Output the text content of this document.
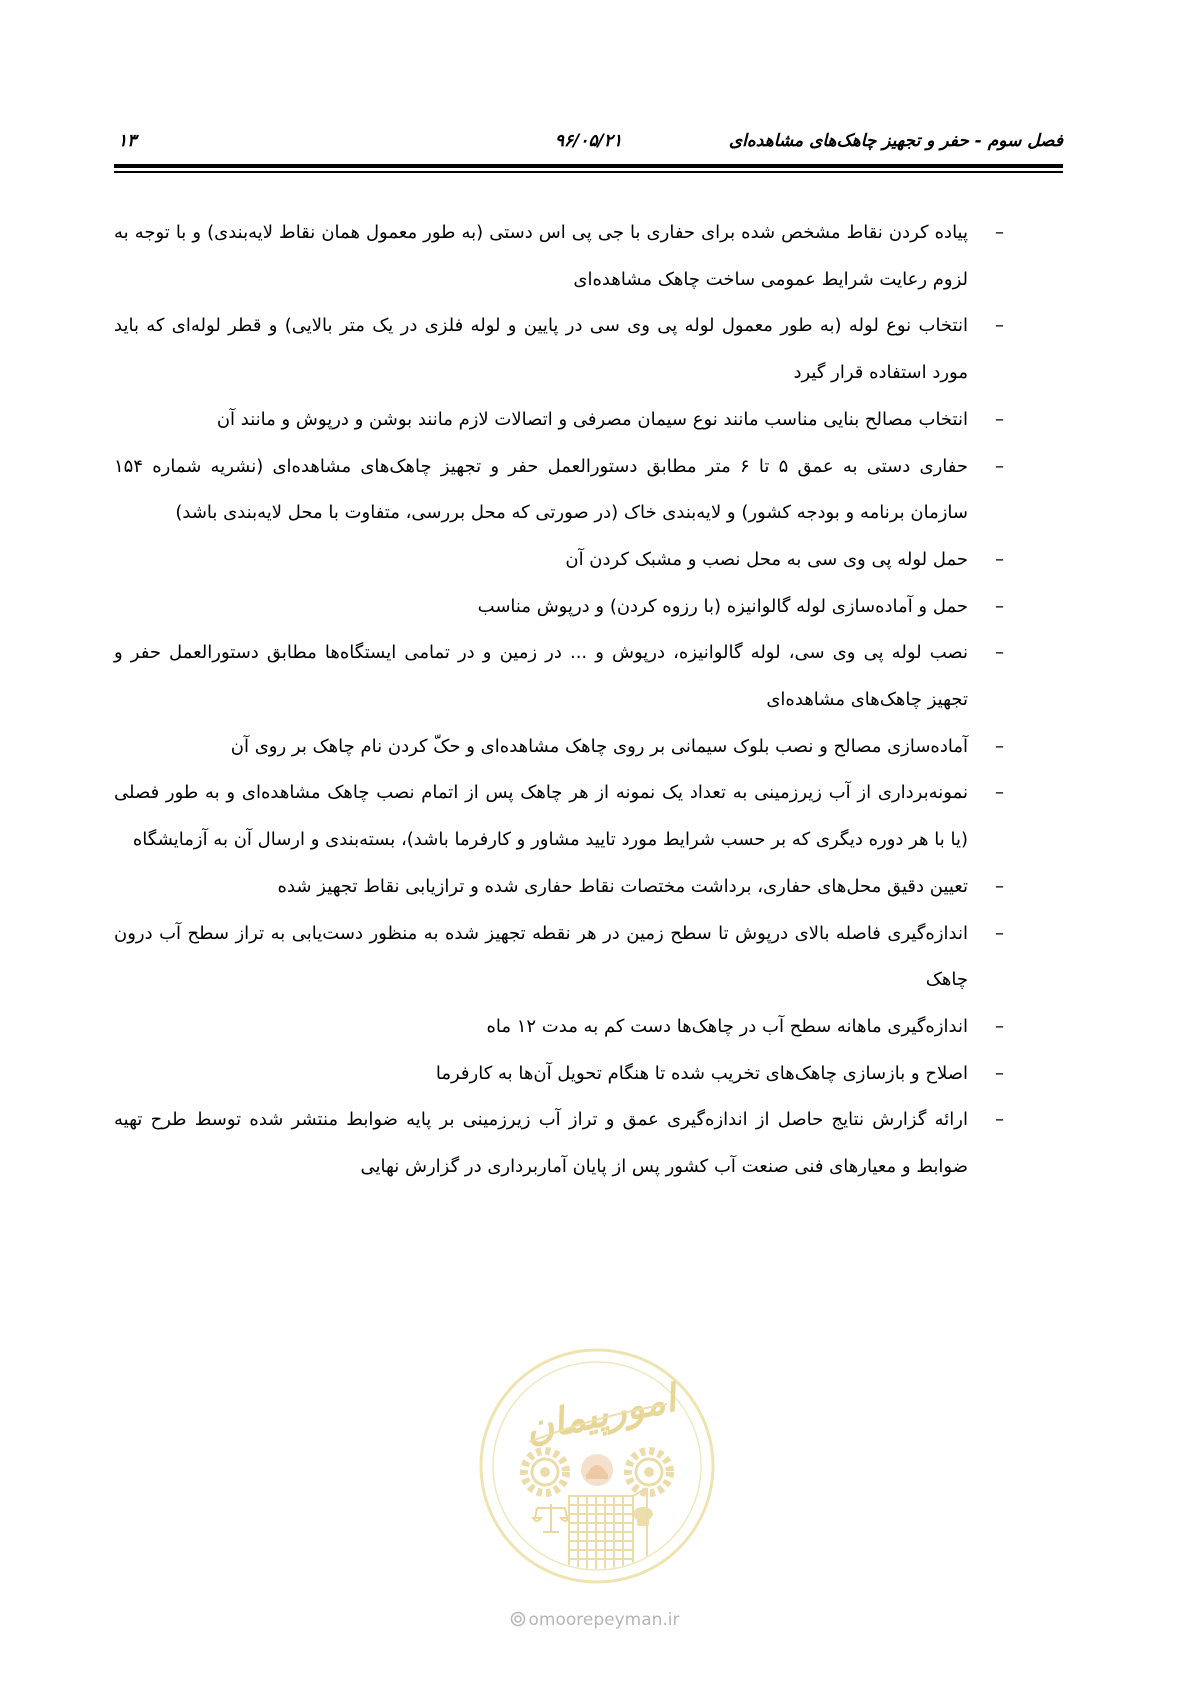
فصل سوم - حفر و تجهیز چاهک‌های مشاهده‌ای
۹۶/۰۵/۲۱
۱۳
–
پیاده کردن نقاط مشخص شده برای حفاری با جی پی اس دستی (به طور معمول همان نقاط لایه‌بندی) و با توجه به لزوم رعایت شرایط عمومی ساخت چاهک مشاهده‌ای
–
انتخاب نوع لوله (به طور معمول لوله پی وی سی در پایین و لوله فلزی در یک متر بالایی) و قطر لوله‌ای که باید مورد استفاده قرار گیرد
–
انتخاب مصالح بنایی مناسب مانند نوع سیمان مصرفی و اتصالات لازم مانند بوشن و درپوش و مانند آن
–
حفاری دستی به عمق ۵ تا ۶ متر مطابق دستورالعمل حفر و تجهیز چاهک‌های مشاهده‌ای (نشریه شماره ۱۵۴ سازمان برنامه و بودجه کشور) و لایه‌بندی خاک (در صورتی که محل بررسی، متفاوت با محل لایه‌بندی باشد)
–
حمل لوله پی وی سی به محل نصب و مشبک کردن آن
–
حمل و آماده‌سازی لوله گالوانیزه (با رزوه کردن) و درپوش مناسب
–
نصب لوله پی وی سی، لوله گالوانیزه، درپوش و ... در زمین و در تمامی ایستگاه‌ها مطابق دستورالعمل حفر و تجهیز چاهک‌های مشاهده‌ای
–
آماده‌سازی مصالح و نصب بلوک سیمانی بر روی چاهک مشاهده‌ای و حکّ کردن نام چاهک بر روی آن
–
نمونه‌برداری از آب زیرزمینی به تعداد یک نمونه از هر چاهک پس از اتمام نصب چاهک مشاهده‌ای و به طور فصلی (یا با هر دوره دیگری که بر حسب شرایط مورد تایید مشاور و کارفرما باشد)، بسته‌بندی و ارسال آن به آزمایشگاه
–
تعیین دقیق محل‌های حفاری، برداشت مختصات نقاط حفاری شده و ترازیابی نقاط تجهیز شده
–
اندازه‌گیری فاصله بالای درپوش تا سطح زمین در هر نقطه تجهیز شده به منظور دست‌یابی به تراز سطح آب درون چاهک
–
اندازه‌گیری ماهانه سطح آب در چاهک‌ها دست کم به مدت ۱۲ ماه
–
اصلاح و بازسازی چاهک‌های تخریب شده تا هنگام تحویل آن‌ها به کارفرما
–
ارائه گزارش نتایج حاصل از اندازه‌گیری عمق و تراز آب زیرزمینی بر پایه ضوابط منتشر شده توسط طرح تهیه ضوابط و معیارهای فنی صنعت آب کشور پس از پایان آماربرداری در گزارش نهایی
امورپیمان
omoorepeyman.ir
